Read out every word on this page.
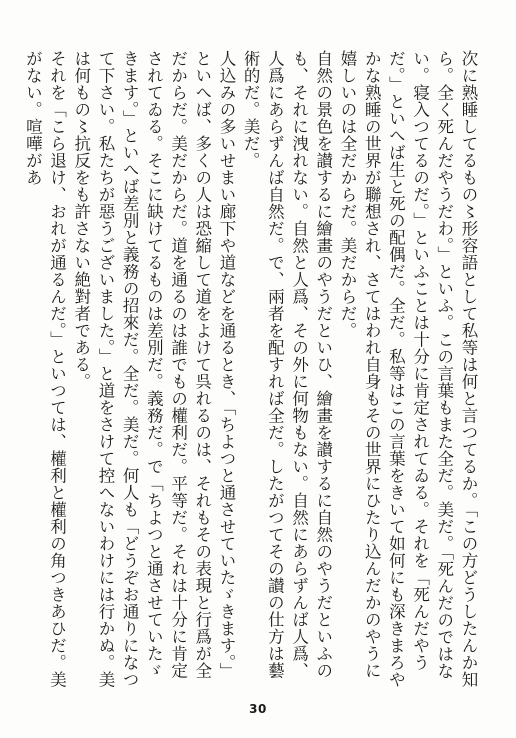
次に熟睡してるもの〻形容語として私等は何と言つてるか。「この方どうしたんか知ら。全く死んだやうだわ。」といふ。この言葉もまた全だ。美だ。「死んだのではない。寝入つてるのだ。」といふことは十分に肯定されてゐる。それを「死んだやうだ。」といへば生と死の配偶だ。全だ。私等はこの言葉をきいて如何にも深きまろやかな熟睡の世界が聯想され、さてはわれ自身もその世界にひたり込んだかのやうに嬉しいのは全だからだ。美だからだ。

自然の景色を讃するに繪畫のやうだといひ、繪畫を讃するに自然のやうだといふのも、それに洩れない。自然と人爲、その外に何物もない。自然にあらずんば人爲、人爲にあらずんば自然だ。で、兩者を配すれば全だ。したがつてその讃の仕方は藝術的だ。美だ。

人込みの多いせまい廊下や道などを通るとき、「ちよつと通させていたゞきます。」といへば、多くの人は恐縮して道をよけて呉れるのは、それもその表現と行爲が全だからだ。美だからだ。道を通るのは誰でもの權利だ。平等だ。それは十分に肯定されてゐる。そこに缺けてるものは差別だ。義務だ。で「ちよつと通させていたゞきます。」といへば差別と義務の招來だ。全だ。美だ。何人も「どうぞお通りになつて下さい。私たちが惡うございました。」と道をさけて控へないわけには行かぬ。美は何もの〻抗反をも許さない絶對者である。

それを「こら退け、おれが通るんだ。」といつては、權利と權利の角つきあひだ。美がない。喧嘩があ

30
